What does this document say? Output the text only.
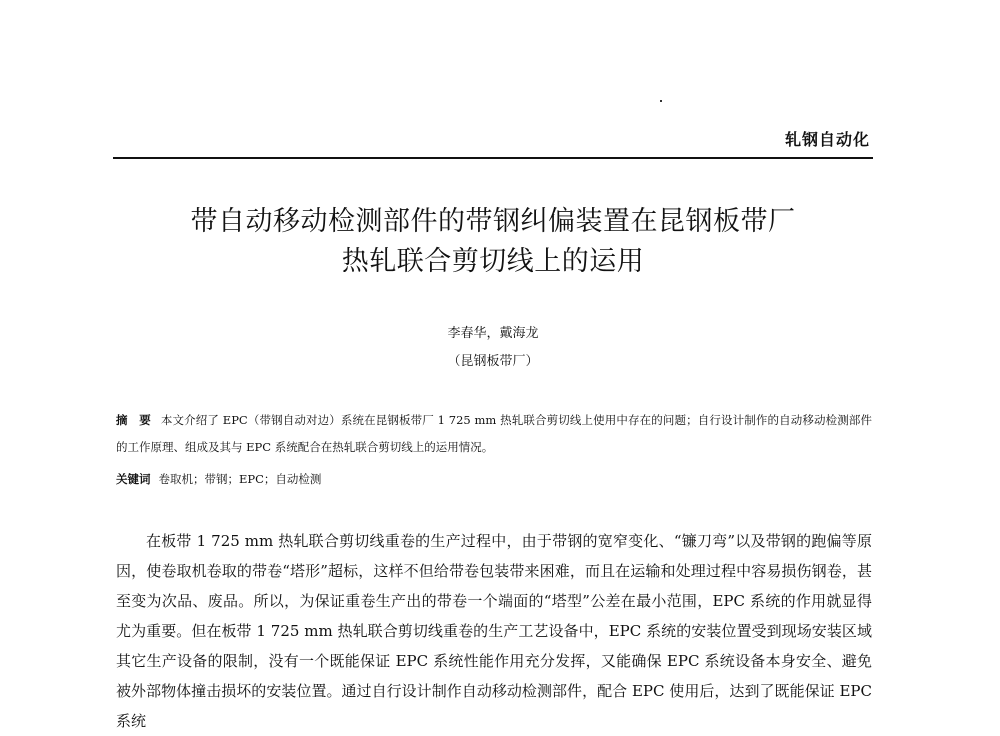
轧钢自动化
带自动移动检测部件的带钢纠偏装置在昆钢板带厂
热轧联合剪切线上的运用
李春华，戴海龙
（昆钢板带厂）
摘　要 本文介绍了 EPC（带钢自动对边）系统在昆钢板带厂 1 725 mm 热轧联合剪切线上使用中存在的问题；自行设计制作的自动移动检测部件的工作原理、组成及其与 EPC 系统配合在热轧联合剪切线上的运用情况。
关键词 卷取机；带钢；EPC；自动检测
在板带 1 725 mm 热轧联合剪切线重卷的生产过程中，由于带钢的宽窄变化、“镰刀弯”以及带钢的跑偏等原因，使卷取机卷取的带卷“塔形”超标，这样不但给带卷包装带来困难，而且在运输和处理过程中容易损伤钢卷，甚至变为次品、废品。所以，为保证重卷生产出的带卷一个端面的“塔型”公差在最小范围，EPC 系统的作用就显得尤为重要。但在板带 1 725 mm 热轧联合剪切线重卷的生产工艺设备中，EPC 系统的安装位置受到现场安装区域其它生产设备的限制，没有一个既能保证 EPC 系统性能作用充分发挥，又能确保 EPC 系统设备本身安全、避免被外部物体撞击损坏的安装位置。通过自行设计制作自动移动检测部件，配合 EPC 使用后，达到了既能保证 EPC 系统
